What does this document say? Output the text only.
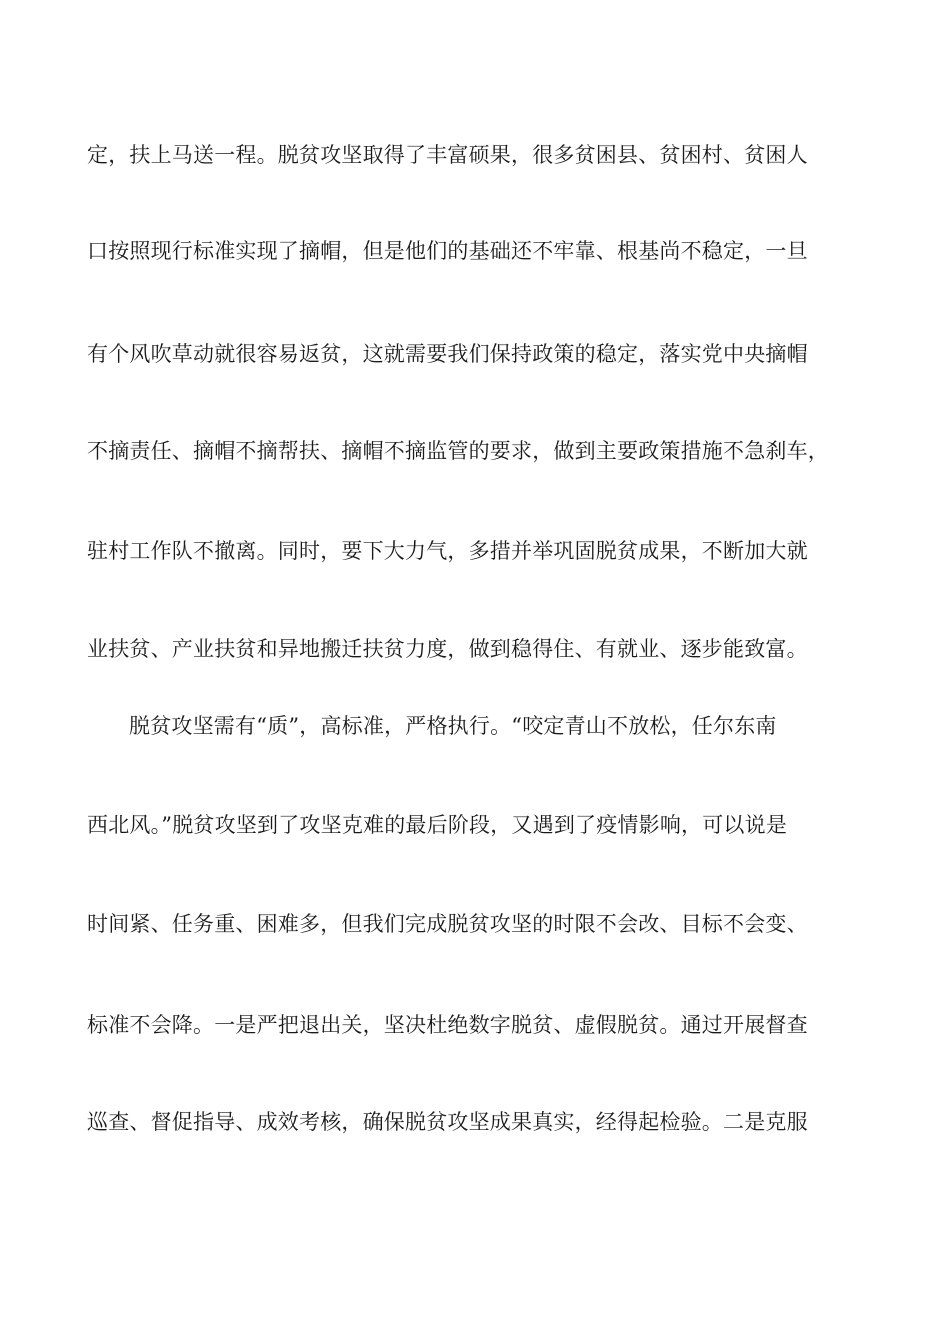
定，扶上马送一程。脱贫攻坚取得了丰富硕果，很多贫困县、贫困村、贫困人
口按照现行标准实现了摘帽，但是他们的基础还不牢靠、根基尚不稳定，一旦
有个风吹草动就很容易返贫，这就需要我们保持政策的稳定，落实党中央摘帽
不摘责任、摘帽不摘帮扶、摘帽不摘监管的要求，做到主要政策措施不急刹车，
驻村工作队不撤离。同时，要下大力气，多措并举巩固脱贫成果，不断加大就
业扶贫、产业扶贫和异地搬迁扶贫力度，做到稳得住、有就业、逐步能致富。
脱贫攻坚需有“质”，高标准，严格执行。“咬定青山不放松，任尔东南
西北风。”脱贫攻坚到了攻坚克难的最后阶段，又遇到了疫情影响，可以说是
时间紧、任务重、困难多，但我们完成脱贫攻坚的时限不会改、目标不会变、
标准不会降。一是严把退出关，坚决杜绝数字脱贫、虚假脱贫。通过开展督查
巡查、督促指导、成效考核，确保脱贫攻坚成果真实，经得起检验。二是克服
